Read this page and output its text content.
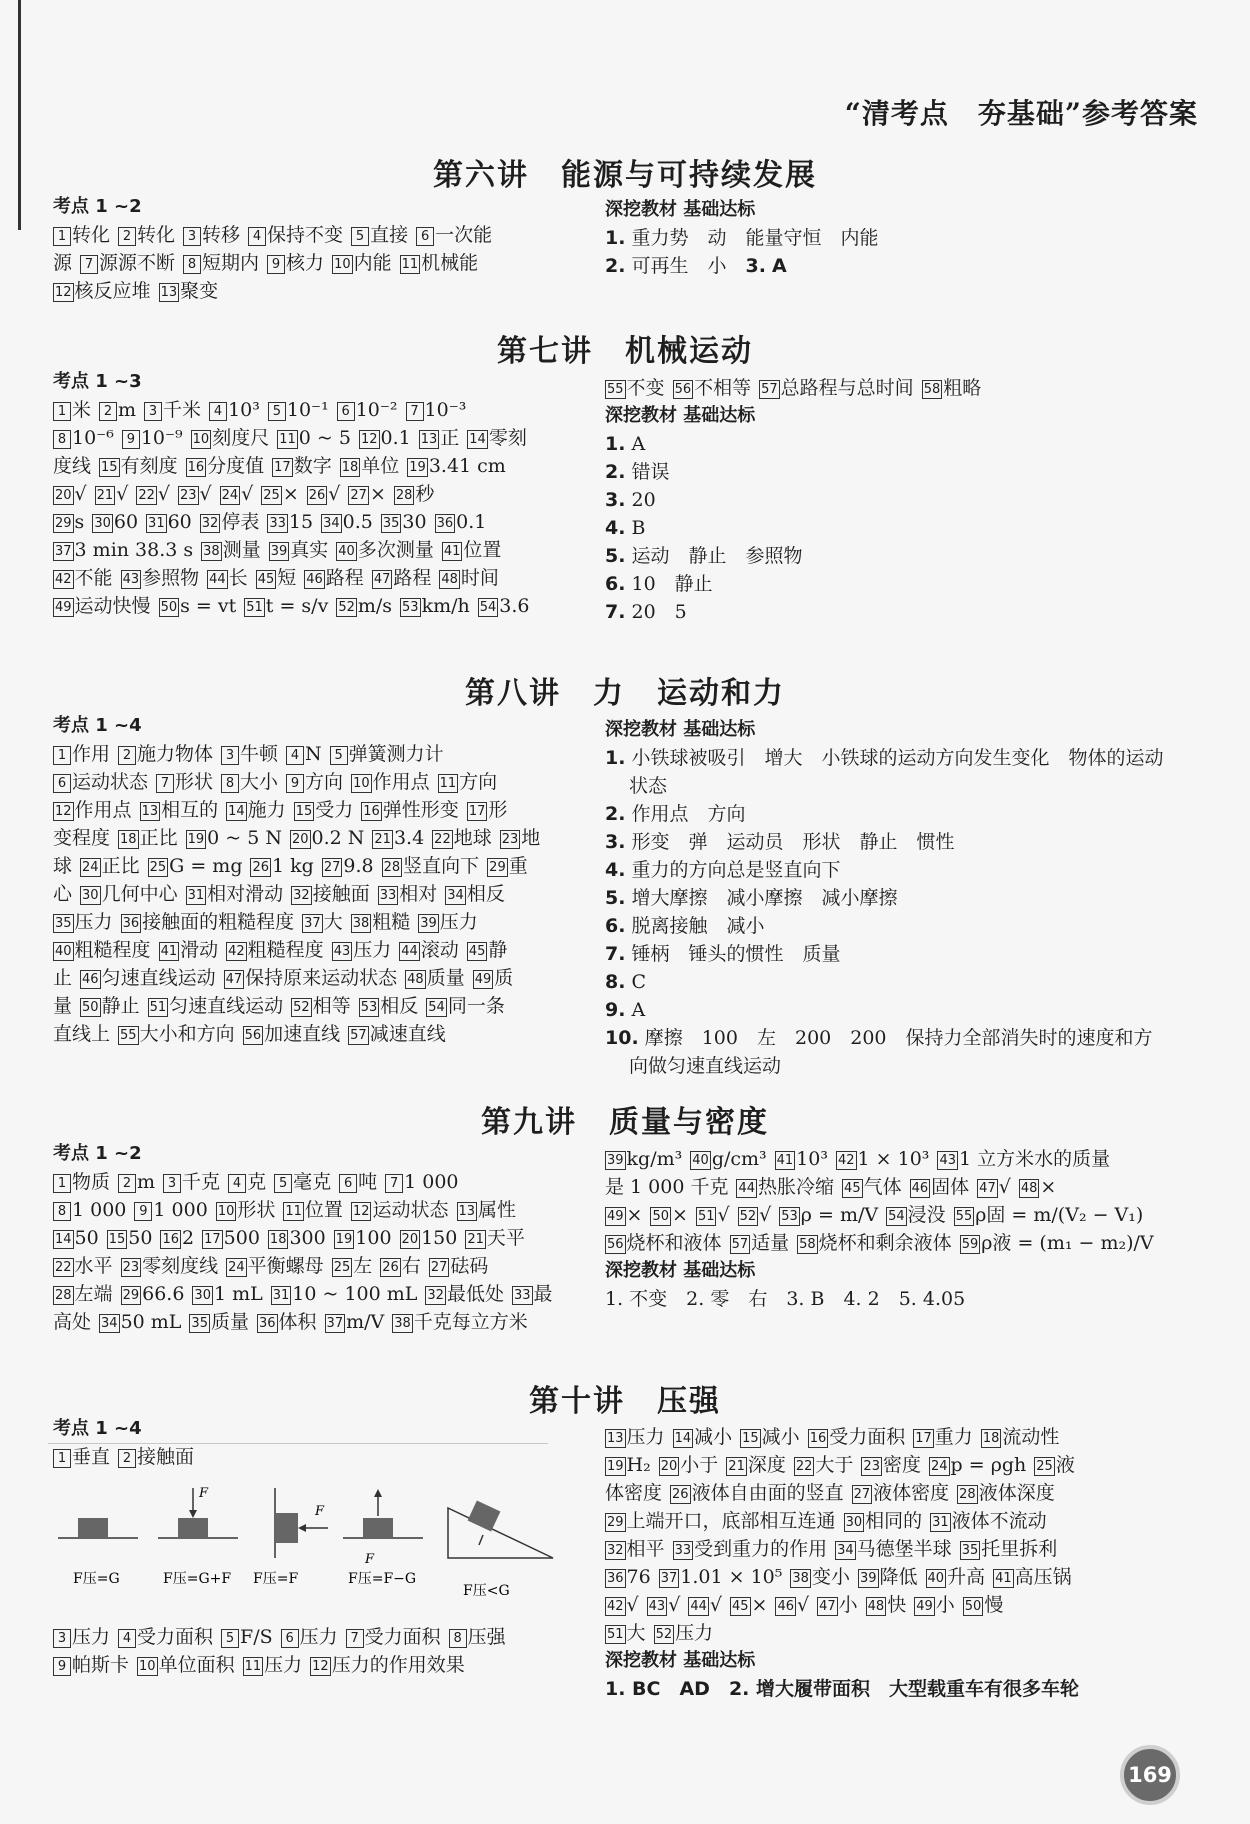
“清考点　夯基础”参考答案
第六讲　能源与可持续发展
考点 1 ~2
1 转化 2 转化 3 转移 4 保持不变 5 直接 6 一次能
源 7 源源不断 8 短期内 9 核力 10 内能 11 机械能
12 核反应堆 13 聚变
深挖教材 基础达标
1. 重力势　动　能量守恒　内能
2. 可再生　小　3. A
第七讲　机械运动
考点 1 ~3
1 米 2 m 3 千米 4 10³ 5 10⁻¹ 6 10⁻² 7 10⁻³
8 10⁻⁶ 9 10⁻⁹ 10 刻度尺 11 0 ~ 5 12 0.1 13 正 14 零刻
度线 15 有刻度 16 分度值 17 数字 18 单位 19 3.41 cm
20 √ 21 √ 22 √ 23 √ 24 √ 25 × 26 √ 27 × 28 秒
29 s 30 60 31 60 32 停表 33 15 34 0.5 35 30 36 0.1
37 3 min 38.3 s 38 测量 39 真实 40 多次测量 41 位置
42 不能 43 参照物 44 长 45 短 46 路程 47 路程 48 时间
49 运动快慢 50 s = vt 51 t = s/v 52 m/s 53 km/h 54 3.6
55 不变 56 不相等 57 总路程与总时间 58 粗略
深挖教材 基础达标
1. A
2. 错误
3. 20
4. B
5. 运动　静止　参照物
6. 10　静止
7. 20　5
第八讲　力　运动和力
考点 1 ~4
1 作用 2 施力物体 3 牛顿 4 N 5 弹簧测力计
6 运动状态 7 形状 8 大小 9 方向 10 作用点 11 方向
12 作用点 13 相互的 14 施力 15 受力 16 弹性形变 17 形
变程度 18 正比 19 0 ~ 5 N 20 0.2 N 21 3.4 22 地球 23 地
球 24 正比 25 G = mg 26 1 kg 27 9.8 28 竖直向下 29 重
心 30 几何中心 31 相对滑动 32 接触面 33 相对 34 相反
35 压力 36 接触面的粗糙程度 37 大 38 粗糙 39 压力
40 粗糙程度 41 滑动 42 粗糙程度 43 压力 44 滚动 45 静
止 46 匀速直线运动 47 保持原来运动状态 48 质量 49 质
量 50 静止 51 匀速直线运动 52 相等 53 相反 54 同一条
直线上 55 大小和方向 56 加速直线 57 减速直线
深挖教材 基础达标
1. 小铁球被吸引　增大　小铁球的运动方向发生变化　物体的运动状态
2. 作用点　方向
3. 形变　弹　运动员　形状　静止　惯性
4. 重力的方向总是竖直向下
5. 增大摩擦　减小摩擦　减小摩擦
6. 脱离接触　减小
7. 锤柄　锤头的惯性　质量
8. C
9. A
10. 摩擦　100　左　200　200　保持力全部消失时的速度和方向做匀速直线运动
第九讲　质量与密度
考点 1 ~2
1 物质 2 m 3 千克 4 克 5 毫克 6 吨 7 1 000
8 1 000 9 1 000 10 形状 11 位置 12 运动状态 13 属性
14 50 15 50 16 2 17 500 18 300 19 100 20 150 21 天平
22 水平 23 零刻度线 24 平衡螺母 25 左 26 右 27 砝码
28 左端 29 66.6 30 1 mL 31 10 ~ 100 mL 32 最低处 33 最
高处 34 50 mL 35 质量 36 体积 37 m/V 38 千克每立方米
39 kg/m³ 40 g/cm³ 41 10³ 42 1 × 10³ 43 1 立方米水的质量
是 1 000 千克 44 热胀冷缩 45 气体 46 固体 47 √ 48 ×
49 × 50 × 51 √ 52 √ 53 ρ = m/V 54 浸没 55 ρ固 = m/(V₂ − V₁)
56 烧杯和液体 57 适量 58 烧杯和剩余液体 59 ρ液 = (m₁ − m₂)/V
深挖教材 基础达标
1. 不变　2. 零　右　3. B　4. 2　5. 4.05
第十讲　压强
考点 1 ~4
1 垂直 2 接触面
F压=G
F
F压=G+F
F
F压=F
F
F压=F−G
F压<G
3 压力 4 受力面积 5 F/S 6 压力 7 受力面积 8 压强
9 帕斯卡 10 单位面积 11 压力 12 压力的作用效果
13 压力 14 减小 15 减小 16 受力面积 17 重力 18 流动性
19 H₂ 20 小于 21 深度 22 大于 23 密度 24 p = ρgh 25 液
体密度 26 液体自由面的竖直 27 液体密度 28 液体深度
29 上端开口，底部相互连通 30 相同的 31 液体不流动
32 相平 33 受到重力的作用 34 马德堡半球 35 托里拆利
36 76 37 1.01 × 10⁵ 38 变小 39 降低 40 升高 41 高压锅
42 √ 43 √ 44 √ 45 × 46 √ 47 小 48 快 49 小 50 慢
51 大 52 压力
深挖教材 基础达标
1. BC　AD　2. 增大履带面积　大型载重车有很多车轮
169
